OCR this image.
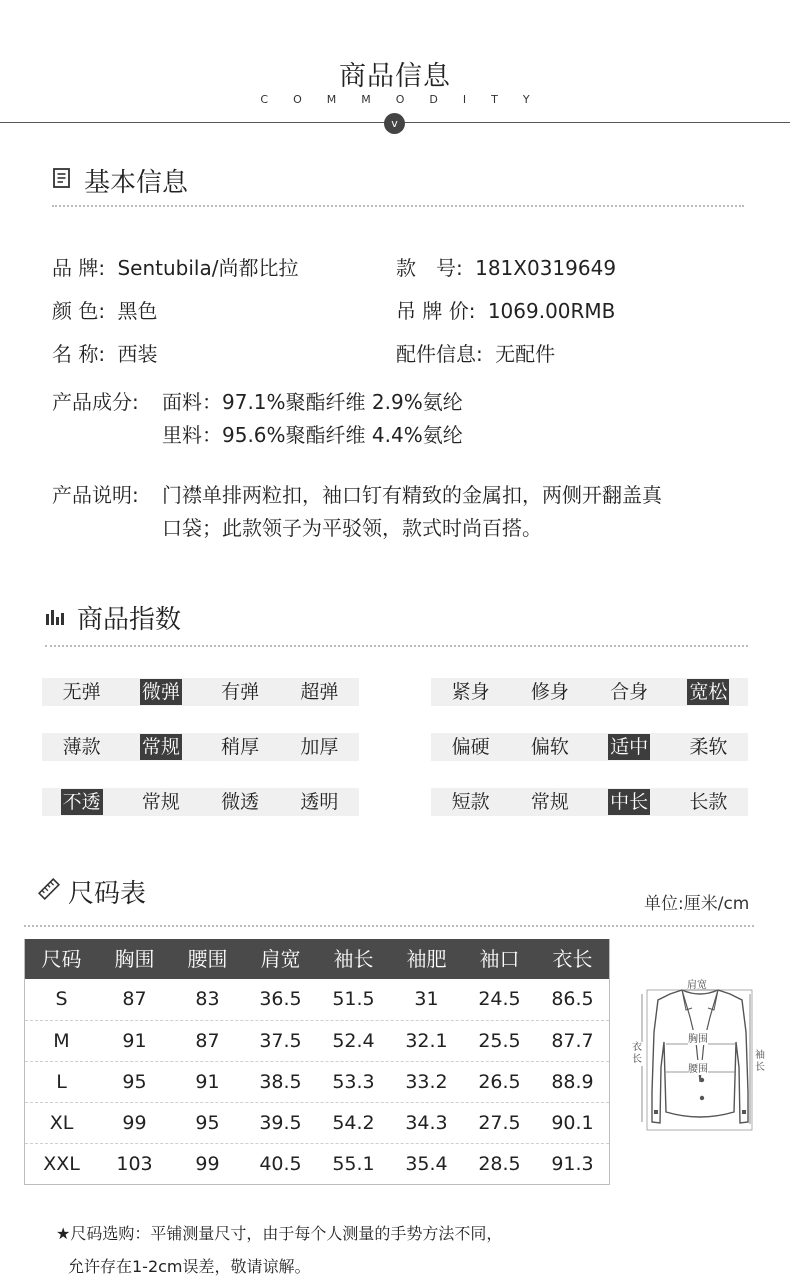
商品信息
COMMODITY
v
基本信息
品 牌: Sentubila/尚都比拉	款　号: 181X0319649
颜 色: 黑色	吊 牌 价: 1069.00RMB
名 称: 西装	配件信息: 无配件
产品成分: 面料：97.1%聚酯纤维 2.9%氨纶
里料：95.6%聚酯纤维 4.4%氨纶
产品说明: 门襟单排两粒扣，袖口钉有精致的金属扣，两侧开翻盖真
口袋；此款领子为平驳领，款式时尚百搭。
商品指数
无弹	微弹	有弹	超弹
薄款	常规	稍厚	加厚
不透	常规	微透	透明
紧身	修身	合身	宽松
偏硬	偏软	适中	柔软
短款	常规	中长	长款
尺码表	单位:厘米/cm
尺码	胸围	腰围	肩宽	袖长	袖肥	袖口	衣长
S	87	83	36.5	51.5	31	24.5	86.5
M	91	87	37.5	52.4	32.1	25.5	87.7
L	95	91	38.5	53.3	33.2	26.5	88.9
XL	99	95	39.5	54.2	34.3	27.5	90.1
XXL	103	99	40.5	55.1	35.4	28.5	91.3
肩宽
胸围
腰围
衣长	袖长
★尺码选购：平铺测量尺寸，由于每个人测量的手势方法不同，
允许存在1-2cm误差，敬请谅解。
